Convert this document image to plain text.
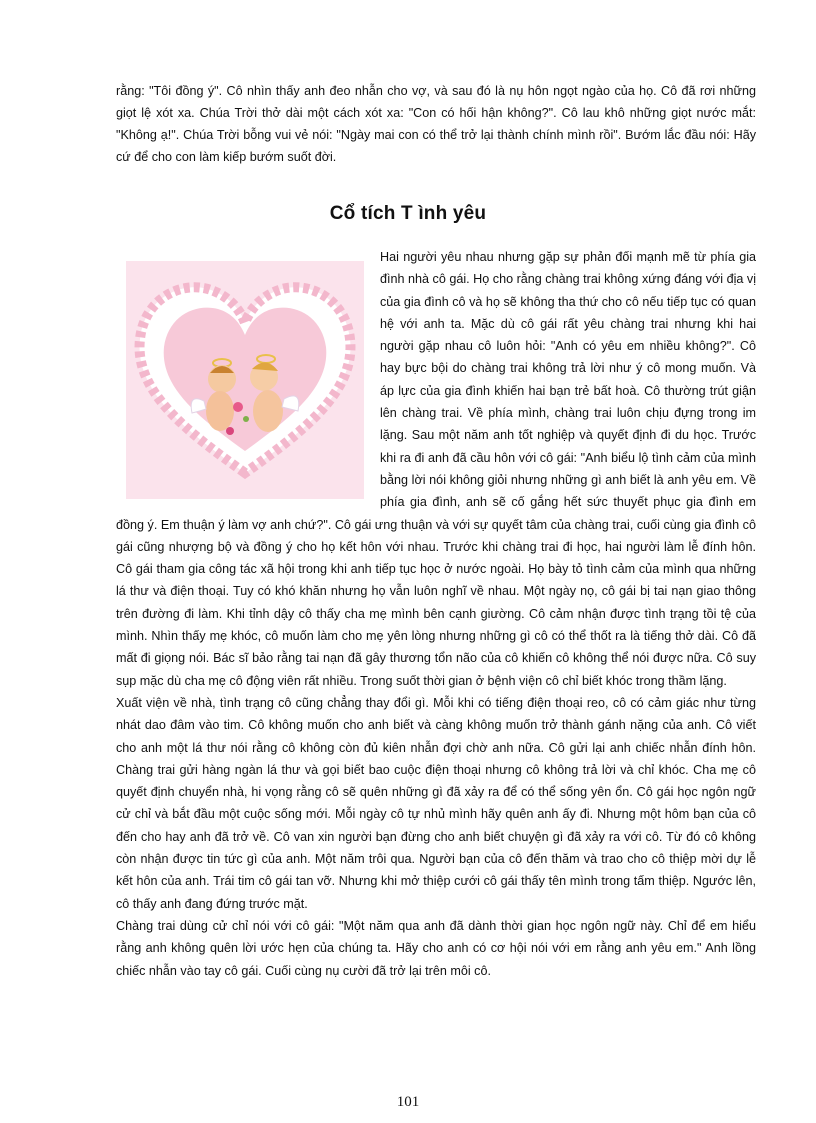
rằng: "Tôi đồng ý". Cô nhìn thấy anh đeo nhẫn cho vợ, và sau đó là nụ hôn ngọt ngào của họ. Cô đã rơi những giọt lệ xót xa. Chúa Trời thở dài một cách xót xa: "Con có hối hận không?". Cô lau khô những giọt nước mắt: "Không ạ!". Chúa Trời bỗng vui vẻ nói: "Ngày mai con có thể trở lại thành chính mình rồi". Bướm lắc đầu nói: Hãy cứ để cho con làm kiếp bướm suốt đời.

Cổ tích T ình yêu

Hai người yêu nhau nhưng gặp sự phản đối mạnh mẽ từ phía gia đình nhà cô gái. Họ cho rằng chàng trai không xứng đáng với địa vị của gia đình cô và họ sẽ không tha thứ cho cô nếu tiếp tục có quan hệ với anh ta. Mặc dù cô gái rất yêu chàng trai nhưng khi hai người gặp nhau cô luôn hỏi: "Anh có yêu em nhiều không?". Cô hay bực bội do chàng trai không trả lời như ý cô mong muốn. Và áp lực của gia đình khiến hai bạn trẻ bất hoà. Cô thường trút giận lên chàng trai. Về phía mình, chàng trai luôn chịu đựng trong im lặng. Sau một năm anh tốt nghiệp và quyết định đi du học. Trước khi ra đi anh đã cầu hôn với cô gái: "Anh biểu lộ tình cảm của mình bằng lời nói không giỏi nhưng những gì anh biết là anh yêu em. Về phía gia đình, anh sẽ cố gắng hết sức thuyết phục gia đình em đồng ý. Em thuận ý làm vợ anh chứ?". Cô gái ưng thuận và với sự quyết tâm của chàng trai, cuối cùng gia đình cô gái cũng nhượng bộ và đồng ý cho họ kết hôn với nhau. Trước khi chàng trai đi học, hai người làm lễ đính hôn. Cô gái tham gia công tác xã hội trong khi anh tiếp tục học ở nước ngoài. Họ bày tỏ tình cảm của mình qua những lá thư và điện thoại. Tuy có khó khăn nhưng họ vẫn luôn nghĩ về nhau. Một ngày nọ, cô gái bị tai nạn giao thông trên đường đi làm. Khi tỉnh dậy cô thấy cha mẹ mình bên cạnh giường. Cô cảm nhận được tình trạng tồi tệ của mình. Nhìn thấy mẹ khóc, cô muốn làm cho mẹ yên lòng nhưng những gì cô có thể thốt ra là tiếng thở dài. Cô đã mất đi giọng nói. Bác sĩ bảo rằng tai nạn đã gây thương tổn não của cô khiến cô không thể nói được nữa. Cô suy sụp mặc dù cha mẹ cô động viên rất nhiều. Trong suốt thời gian ở bệnh viện cô chỉ biết khóc trong thầm lặng.

Xuất viện về nhà, tình trạng cô cũng chẳng thay đổi gì. Mỗi khi có tiếng điện thoại reo, cô có cảm giác như từng nhát dao đâm vào tim. Cô không muốn cho anh biết và càng không muốn trở thành gánh nặng của anh. Cô viết cho anh một lá thư nói rằng cô không còn đủ kiên nhẫn đợi chờ anh nữa. Cô gửi lại anh chiếc nhẫn đính hôn. Chàng trai gửi hàng ngàn lá thư và gọi biết bao cuộc điện thoại nhưng cô không trả lời và chỉ khóc. Cha mẹ cô quyết định chuyển nhà, hi vọng rằng cô sẽ quên những gì đã xảy ra để có thể sống yên ổn. Cô gái học ngôn ngữ cử chỉ và bắt đầu một cuộc sống mới. Mỗi ngày cô tự nhủ mình hãy quên anh ấy đi. Nhưng một hôm bạn của cô đến cho hay anh đã trở về. Cô van xin người bạn đừng cho anh biết chuyện gì đã xảy ra với cô. Từ đó cô không còn nhận được tin tức gì của anh. Một năm trôi qua. Người bạn của cô đến thăm và trao cho cô thiệp mời dự lễ kết hôn của anh. Trái tim cô gái tan vỡ. Nhưng khi mở thiệp cưới cô gái thấy tên mình trong tấm thiệp. Ngước lên, cô thấy anh đang đứng trước mặt.

Chàng trai dùng cử chỉ nói với cô gái: "Một năm qua anh đã dành thời gian học ngôn ngữ này. Chỉ để em hiểu rằng anh không quên lời ước hẹn của chúng ta. Hãy cho anh có cơ hội nói với em rằng anh yêu em." Anh lồng chiếc nhẫn vào tay cô gái. Cuối cùng nụ cười đã trở lại trên môi cô.

101
